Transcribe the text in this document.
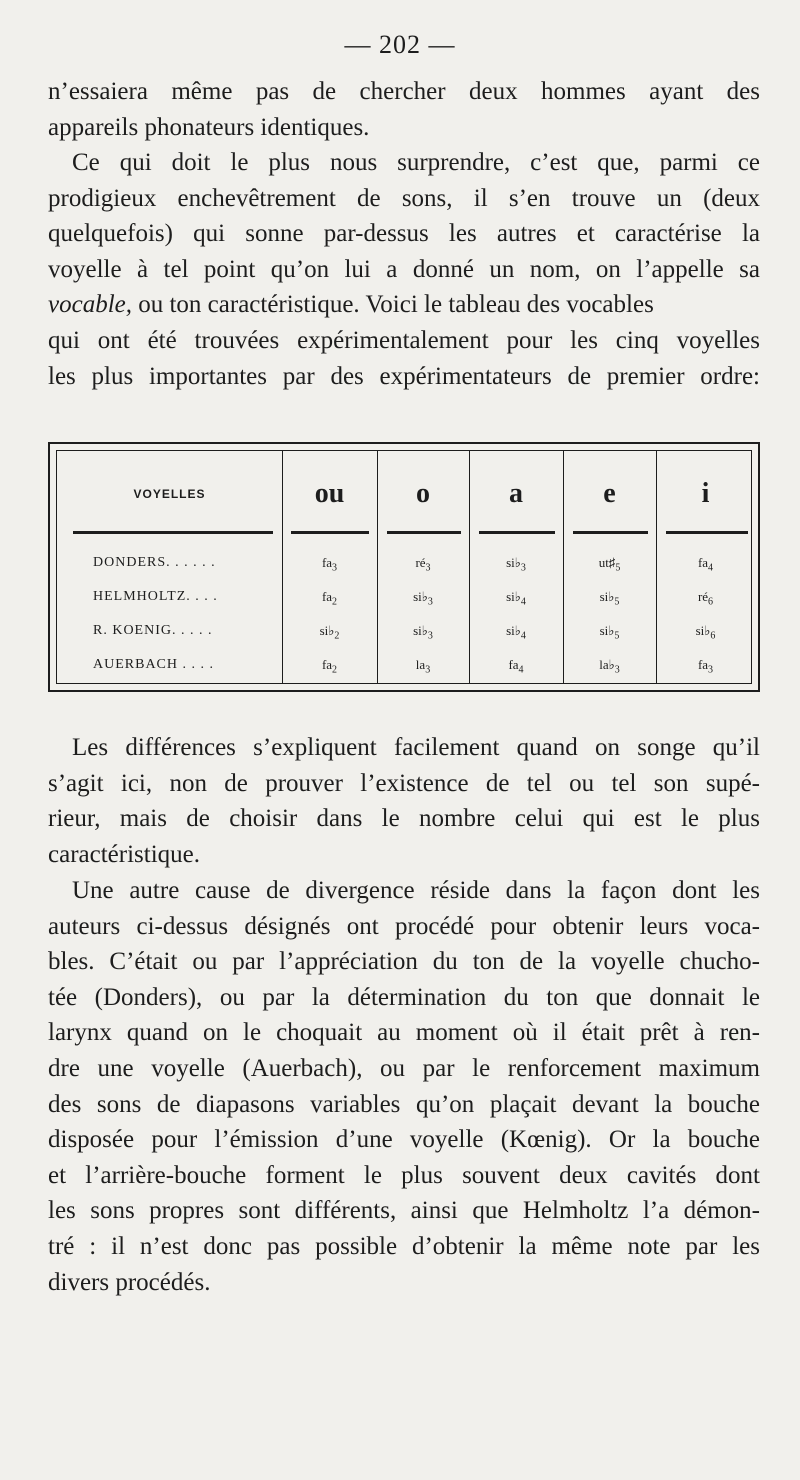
— 202 —
n’essaiera même pas de chercher deux hommes ayant des
appareils phonateurs identiques.
Ce qui doit le plus nous surprendre, c’est que, parmi ce
prodigieux enchevêtrement de sons, il s’en trouve un (deux
quelquefois) qui sonne par-dessus les autres et caractérise la
voyelle à tel point qu’on lui a donné un nom, on l’appelle sa
vocable, ou ton caractéristique. Voici le tableau des vocables
qui ont été trouvées expérimentalement pour les cinq voyelles
les plus importantes par des expérimentateurs de premier ordre:
VOYELLES	ou	o	a	e	i
DONDERS. . . . . .	$fa_3$	$ré_3$	$si♭_3$	$ut♯_5$	$fa_4$
HELMHOLTZ. . . .	$fa_2$	$si♭_3$	$si♭_4$	$si♭_5$	$ré_6$
R. KOENIG. . . . .	$si♭_2$	$si♭_3$	$si♭_4$	$si♭_5$	$si♭_6$
AUERBACH . . . .	$fa_2$	$la_3$	$fa_4$	$la♭_3$	$fa_3$
Les différences s’expliquent facilement quand on songe qu’il
s’agit ici, non de prouver l’existence de tel ou tel son supé-
rieur, mais de choisir dans le nombre celui qui est le plus
caractéristique.
Une autre cause de divergence réside dans la façon dont les
auteurs ci-dessus désignés ont procédé pour obtenir leurs voca-
bles. C’était ou par l’appréciation du ton de la voyelle chucho-
tée (Donders), ou par la détermination du ton que donnait le
larynx quand on le choquait au moment où il était prêt à ren-
dre une voyelle (Auerbach), ou par le renforcement maximum
des sons de diapasons variables qu’on plaçait devant la bouche
disposée pour l’émission d’une voyelle (Kœnig). Or la bouche
et l’arrière-bouche forment le plus souvent deux cavités dont
les sons propres sont différents, ainsi que Helmholtz l’a démon-
tré : il n’est donc pas possible d’obtenir la même note par les
divers procédés.
